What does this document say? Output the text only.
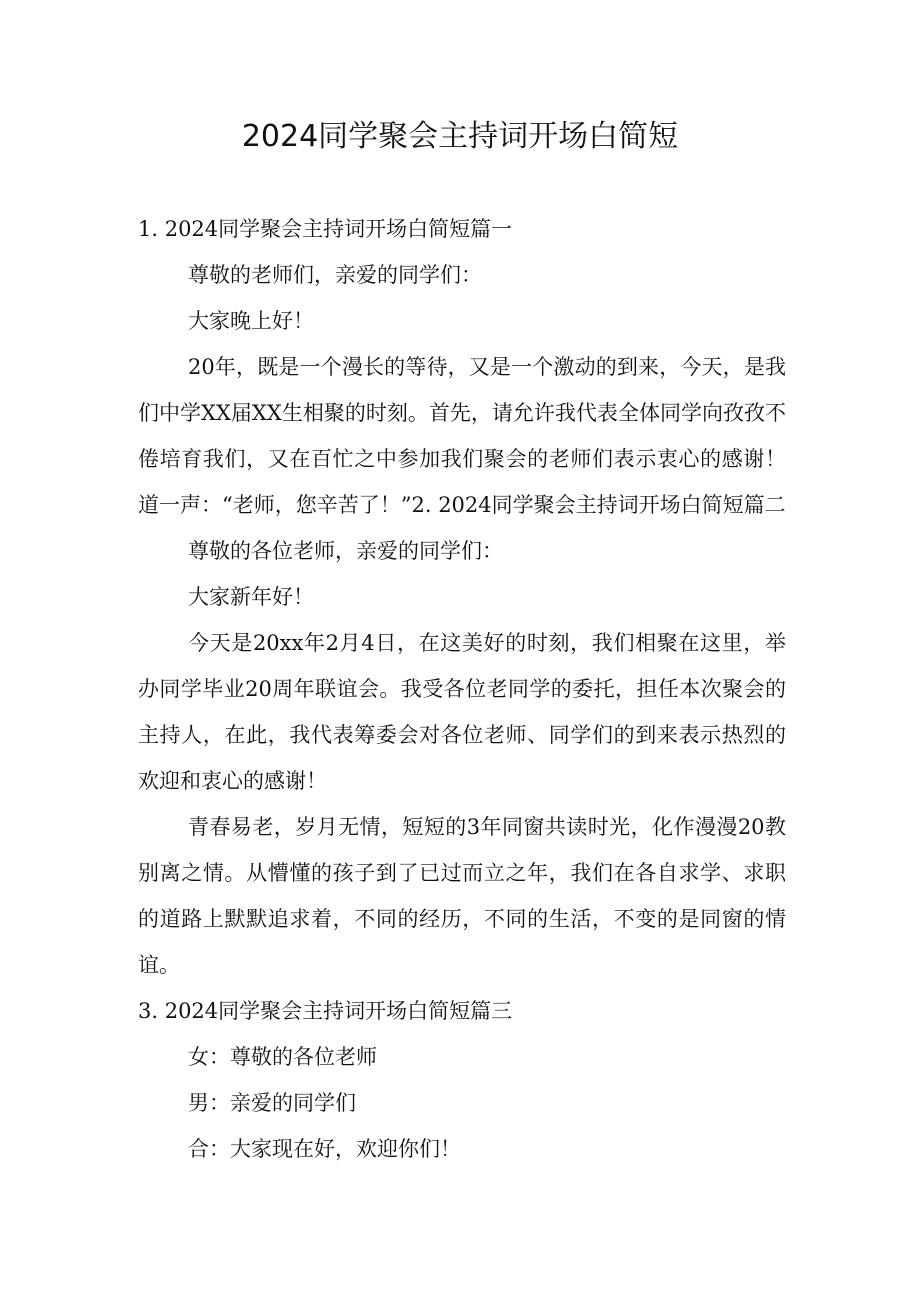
2024同学聚会主持词开场白简短

1. 2024同学聚会主持词开场白简短篇一

尊敬的老师们，亲爱的同学们：

大家晚上好！

20年，既是一个漫长的等待，又是一个激动的到来，今天，是我们中学XX届XX生相聚的时刻。首先，请允许我代表全体同学向孜孜不倦培育我们，又在百忙之中参加我们聚会的老师们表示衷心的感谢！道一声：“老师，您辛苦了！”2. 2024同学聚会主持词开场白简短篇二

尊敬的各位老师，亲爱的同学们：

大家新年好！

今天是20xx年2月4日，在这美好的时刻，我们相聚在这里，举办同学毕业20周年联谊会。我受各位老同学的委托，担任本次聚会的主持人，在此，我代表筹委会对各位老师、同学们的到来表示热烈的欢迎和衷心的感谢！

青春易老，岁月无情，短短的3年同窗共读时光，化作漫漫20教别离之情。从懵懂的孩子到了已过而立之年，我们在各自求学、求职的道路上默默追求着，不同的经历，不同的生活，不变的是同窗的情谊。

3. 2024同学聚会主持词开场白简短篇三

女：尊敬的各位老师

男：亲爱的同学们

合：大家现在好，欢迎你们！
